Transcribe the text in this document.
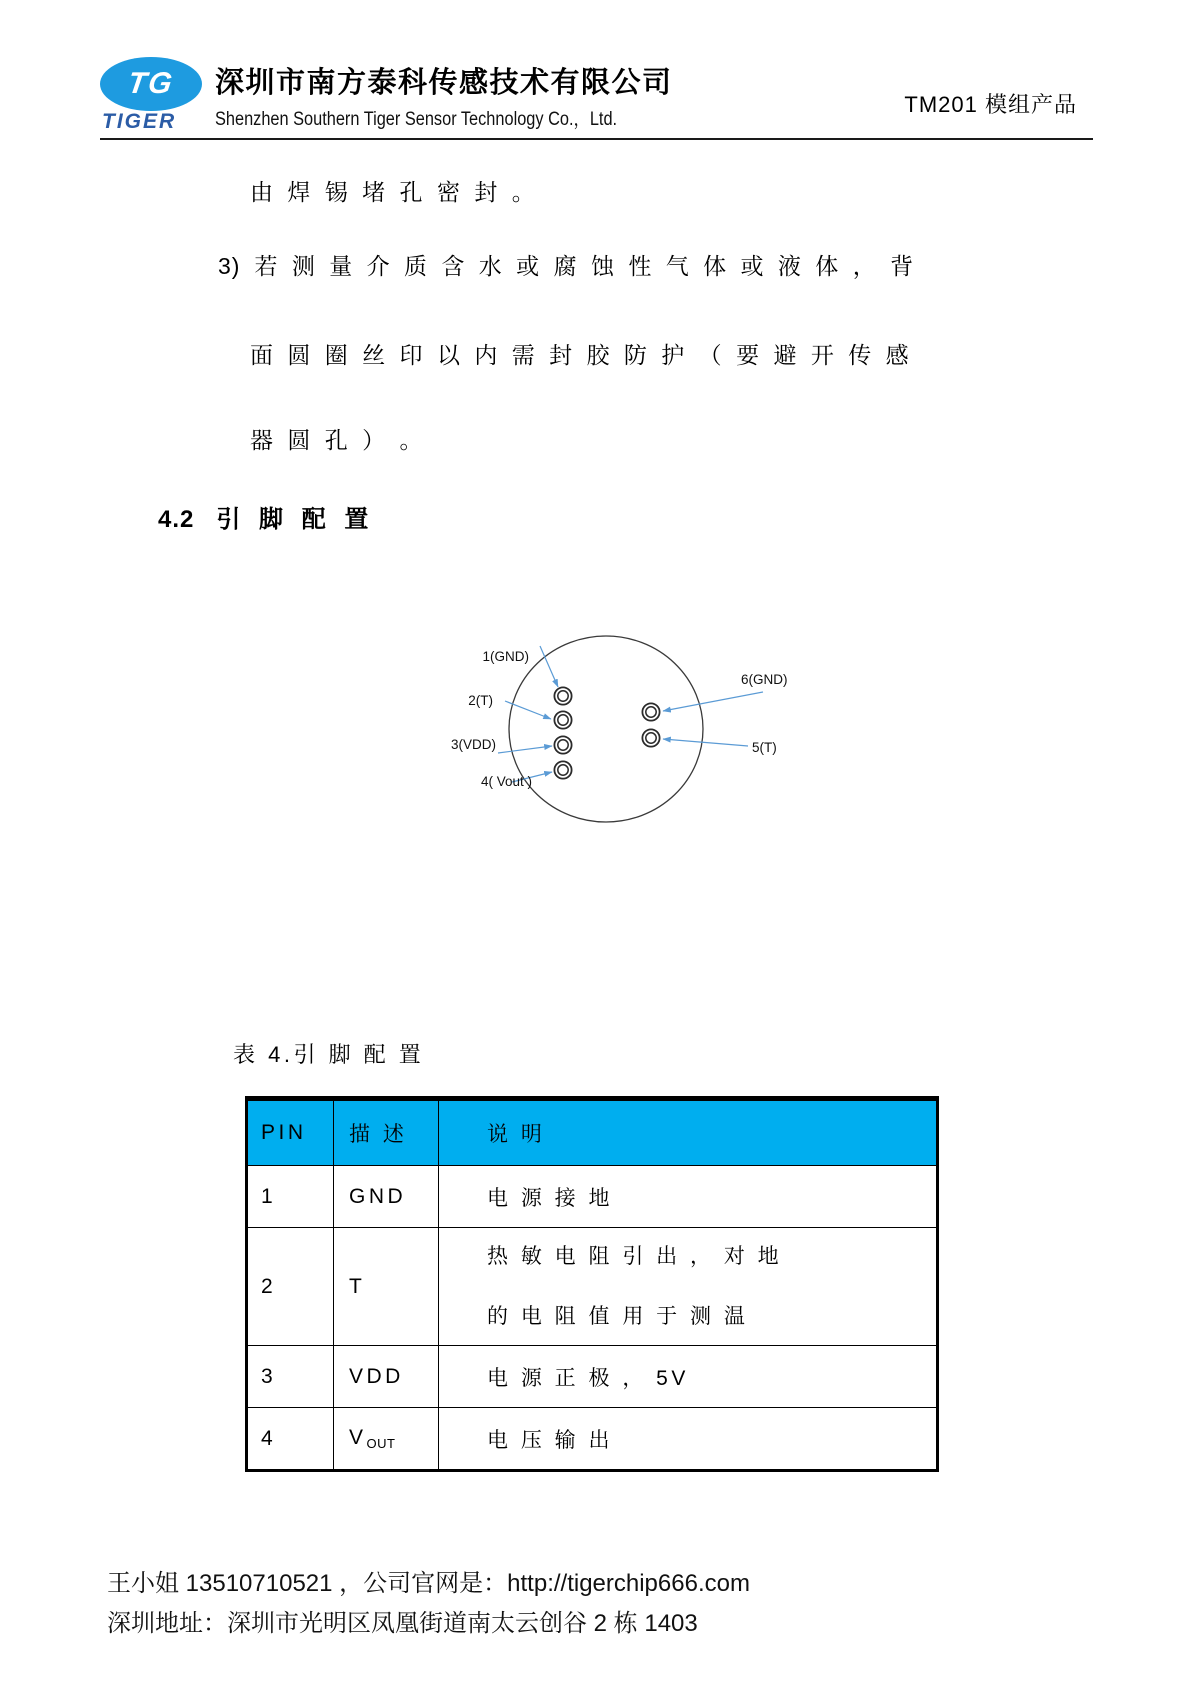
TG
TIGER
深圳市南方泰科传感技术有限公司
Shenzhen Southern Tiger Sensor Technology Co.，Ltd.
TM201 模组产品
由 焊 锡 堵 孔 密 封 。
3) 若 测 量 介 质 含 水 或 腐 蚀 性 气 体 或 液 体 ， 背
面 圆 圈 丝 印 以 内 需 封 胶 防 护 （ 要 避 开 传 感
器 圆 孔 ） 。
4.2 引 脚 配 置
1(GND)
2(T)
3(VDD)
4( Vout )
6(GND)
5(T)
表 4.引 脚 配 置
PIN	描 述	说 明
1	GND	电 源 接 地
2	T	热 敏 电 阻 引 出 ， 对 地
的 电 阻 值 用 于 测 温

3	VDD	电 源 正 极 ， 5V
4	VOUT	电 压 输 出
王小姐 13510710521 ，公司官网是：http://tigerchip666.com
深圳地址：深圳市光明区凤凰街道南太云创谷 2 栋 1403
